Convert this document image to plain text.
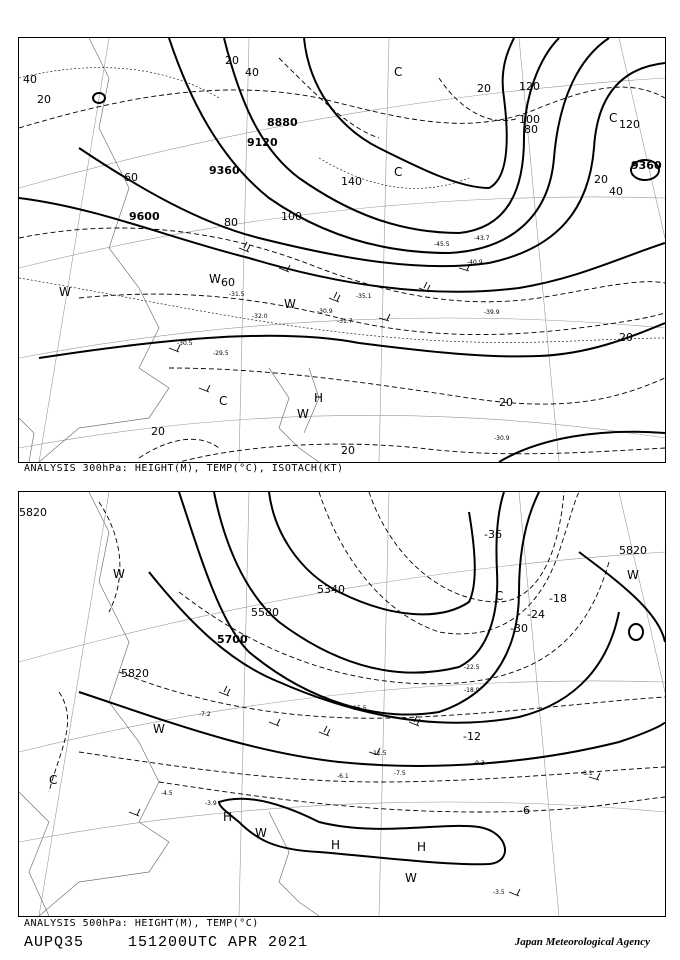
9600
9360
9120
8880
9360
20
40
60
80	100
120
140
20
40
60
80
100	120
20
40
20
20
20
20
20
C
C
C
W
W
W
W
H
C
-39.9
-31.7
-35.1
-30.9
-32.0
-29.5
-30.5
-31.5
-40.9
-43.7
-45.5
-30.9
ANALYSIS 300hPa: HEIGHT(M), TEMP(°C), ISOTACH(KT)
5820
5340
5580
5700
5820
5820
-36
-30
-24
-18
-12
-6
W
C
H
H	H
W
W
W
W
C
-11.5
-7.5
-6.1
-9.3
-3.9
-8.1
-3.5
-4.5
-7.2
-15.5
-18.9
-22.5
ANALYSIS 500hPa: HEIGHT(M), TEMP(°C)
AUPQ35	151200UTC APR 2021	Japan Meteorological Agency
